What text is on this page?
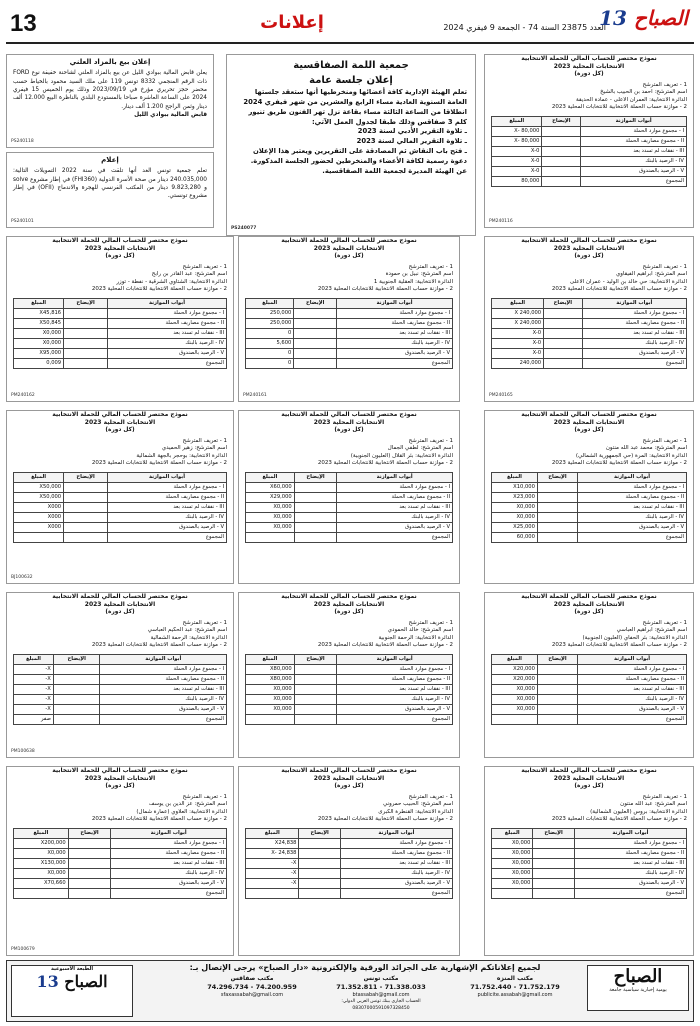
13	إعلانات	العدد 23875 السنة 74 - الجمعة 9 فيفري 2024	الصباح 13
نموذج مختصر للحساب المالي للحملة الانتخابية
الانتخابات المحلية 2023
(كل دورة)
1 - تعريف المترشح
اسم المترشح: احمد بن الحبيب بالشيخ
الدائرة الانتخابية: العمران الأعلى - عمادة الحديقة
2 - موازنة حساب الحملة الانتخابية للانتخابات المحلية 2023
أبواب الموازنة	الإيضاح	المبلغ
I - مجموع موارد الحملة		80,000 -X
II - مجموع مصاريف الحملة		80,000 -X
III - نفقات لم تسدد بعد		X-0
IV - الرصيد بالبنك		X-0
V - الرصيد بالصندوق		X-0
المجموع		80,000
PM240116
جمعية اللمة الصفاقسية
إعلان جلسة عامة
تعلم الهيئة الإدارية كافة أعضائها ومنخرطيها أنها ستعقد جلستها العامة السنوية العادية مساء الرابع والعشرين من شهر فيفري 2024 انطلاقا من الساعة الثالثة مساء بقاعة نزل تهر الفنون طريق تنيور كلم 3 صفاقس وذلك طبقا لجدول العمل الآتي:
ـ تلاوة التقرير الأدبي لسنة 2023
ـ تلاوة التقرير المالي لسنة 2023
ـ فتح باب النقاش ثم المصادقة على التقريرين ويعتبر هذا الإعلان دعوة رسمية لكافة الأعضاء والمنخرطين لحضور الجلسة المذكورة.
عن الهيئة المديرة لجمعية اللمة الصفاقسية.
PS240077
إعلان بيع بالمزاد العلني
يعلن قابض المالية ببوادي الليل عن بيع بالمزاد العلني لشاحنة خفيفة نوع FORD ذات الرقم المنجمي 8332 تونس 119 على ملك السيد محمود بالخياط حسب محضر حجز تحريري مؤرخ في 2023/09/19 وذلك يوم الخميس 15 فيفري 2024 على الساعة العاشرة صباحا بالمستودع البلدي بالناظرة البيع 12.000 ألف دينار وثمن الراجح 1.200 ألف دينار.
قابض المالية ببوادي الليل
PS240118
إعلام
تعلم جمعية تونس الغد أنها تلقت في سنة 2022 التمويلات التالية: 240.035,000 دينار من صحة الأسرة الدولية (FHI360) في إطار مشروع solve و 9.823,280 دينار من المكتب الفرنسي للهجرة والاندماج (OFII) في إطار مشروع تونستي.
PS240101
نموذج مختصر للحساب المالي للحملة الانتخابية
الانتخابات المحلية 2023
(كل دورة)
1 - تعريف المترشح
اسم المترشح: ابراهيم الفيقاوي
الدائرة الانتخابية: حي خالد بن الوليد - عمران الأعلى
2 - موازنة حساب الحملة الانتخابية للانتخابات المحلية 2023
أبواب الموازنة	الإيضاح	المبلغ
I - مجموع موارد الحملة		240,000 X
II - مجموع مصاريف الحملة		240,000 X
III - نفقات لم تسدد بعد		X-0
IV - الرصيد بالبنك		X-0
V - الرصيد بالصندوق		X-0
المجموع		240,000
PM240165
نموذج مختصر للحساب المالي للحملة الانتخابية
الانتخابات المحلية 2023
(كل دورة)
1 - تعريف المترشح
اسم المترشح: نبيل بن حمودة
الدائرة الانتخابية: العقلية الجنوبية 1
2 - موازنة حساب الحملة الانتخابية للانتخابات المحلية 2023
أبواب الموازنة	الإيضاح	المبلغ
I - مجموع موارد الحملة		250,000
II - مجموع مصاريف الحملة		250,000
III - نفقات لم تسدد بعد		0
IV - الرصيد بالبنك		5,600
V - الرصيد بالصندوق		0
المجموع		0
PM240161
نموذج مختصر للحساب المالي للحملة الانتخابية
الانتخابات المحلية 2023
(كل دورة)
1 - تعريف المترشح
اسم المترشح: عبد القادر بن رابح
الدائرة الانتخابية: الشتاوي الشرقية - نفطة - توزر
2 - موازنة حساب الحملة الانتخابية للانتخابات المحلية 2023
أبواب الموازنة	الإيضاح	المبلغ
I - مجموع موارد الحملة		X45,816
II - مجموع مصاريف الحملة		X50,845
III - نفقات لم تسدد بعد		X0,000
IV - الرصيد بالبنك		X0,000
V - الرصيد بالصندوق		X95,000
المجموع		0,009
PM240162
نموذج مختصر للحساب المالي للحملة الانتخابية
الانتخابات المحلية 2023
(كل دورة)
1 - تعريف المترشح
اسم المترشح: محمد عبد الله منتون
الدائرة الانتخابية: المرة (حي الجمهورية الشمالي)
2 - موازنة حساب الحملة الانتخابية للانتخابات المحلية 2023
أبواب الموازنة	الإيضاح	المبلغ
I - مجموع موارد الحملة		X10,000
II - مجموع مصاريف الحملة		X23,000
III - نفقات لم تسدد بعد		X0,000
IV - الرصيد بالبنك		X0,000
V - الرصيد بالصندوق		X25,000
المجموع		60,000
نموذج مختصر للحساب المالي للحملة الانتخابية
الانتخابات المحلية 2023
(كل دورة)
1 - تعريف المترشح
اسم المترشح: لطفي الجمال
الدائرة الانتخابية: بئر القلال (العليون الجنوبية)
2 - موازنة حساب الحملة الانتخابية للانتخابات المحلية 2023
أبواب الموازنة	الإيضاح	المبلغ
I - مجموع موارد الحملة		X60,000
II - مجموع مصاريف الحملة		X29,000
III - نفقات لم تسدد بعد		X0,000
IV - الرصيد بالبنك		X0,000
V - الرصيد بالصندوق		X0,000
المجموع		
نموذج مختصر للحساب المالي للحملة الانتخابية
الانتخابات المحلية 2023
(كل دورة)
1 - تعريف المترشح
اسم المترشح: زهير الحميدي
الدائرة الانتخابية: بوحجر بالجهة الشمالية
2 - موازنة حساب الحملة الانتخابية للانتخابات المحلية 2023
أبواب الموازنة	الإيضاح	المبلغ
I - مجموع موارد الحملة		X50,000
II - مجموع مصاريف الحملة		X50,000
III - نفقات لم تسدد بعد		X000
IV - الرصيد بالبنك		X000
V - الرصيد بالصندوق		X000
المجموع		
BJ100632
نموذج مختصر للحساب المالي للحملة الانتخابية
الانتخابات المحلية 2023
(كل دورة)
1 - تعريف المترشح
اسم المترشح: ابراهيم العباسي
الدائرة الانتخابية: بئر الحفاي (العليون الجنوبية)
2 - موازنة حساب الحملة الانتخابية للانتخابات المحلية 2023
أبواب الموازنة	الإيضاح	المبلغ
I - مجموع موارد الحملة		X20,000
II - مجموع مصاريف الحملة		X20,000
III - نفقات لم تسدد بعد		X0,000
IV - الرصيد بالبنك		X0,000
V - الرصيد بالصندوق		X0,000
المجموع		
نموذج مختصر للحساب المالي للحملة الانتخابية
الانتخابات المحلية 2023
(كل دورة)
1 - تعريف المترشح
اسم المترشح: خالد الحمودي
الدائرة الانتخابية: الرحمة الجنوبية
2 - موازنة حساب الحملة الانتخابية للانتخابات المحلية 2023
أبواب الموازنة	الإيضاح	المبلغ
I - مجموع موارد الحملة		X80,000
II - مجموع مصاريف الحملة		X80,000
III - نفقات لم تسدد بعد		X0,000
IV - الرصيد بالبنك		X0,000
V - الرصيد بالصندوق		X0,000
المجموع		
نموذج مختصر للحساب المالي للحملة الانتخابية
الانتخابات المحلية 2023
(كل دورة)
1 - تعريف المترشح
اسم المترشح: عبد الحكيم العباسي
الدائرة الانتخابية: الرحمة الشمالية
2 - موازنة حساب الحملة الانتخابية للانتخابات المحلية 2023
أبواب الموازنة	الإيضاح	المبلغ
I - مجموع موارد الحملة		X-
II - مجموع مصاريف الحملة		X-
III - نفقات لم تسدد بعد		X-
IV - الرصيد بالبنك		X-
V - الرصيد بالصندوق		X-
المجموع		صفر
PM100638
نموذج مختصر للحساب المالي للحملة الانتخابية
الانتخابات المحلية 2023
(كل دورة)
1 - تعريف المترشح
اسم المترشح: عبد الله منتون
الدائرة الانتخابية: بروس (العليون الشمالية)
2 - موازنة حساب الحملة الانتخابية للانتخابات المحلية 2023
أبواب الموازنة	الإيضاح	المبلغ
I - مجموع موارد الحملة		X0,000
II - مجموع مصاريف الحملة		X0,000
III - نفقات لم تسدد بعد		X0,000
IV - الرصيد بالبنك		X0,000
V - الرصيد بالصندوق		X0,000
المجموع		
نموذج مختصر للحساب المالي للحملة الانتخابية
الانتخابات المحلية 2023
(كل دورة)
1 - تعريف المترشح
اسم المترشح: الحبيب حمروني
الدائرة الانتخابية: القنطرة الكبرى
2 - موازنة حساب الحملة الانتخابية للانتخابات المحلية 2023
أبواب الموازنة	الإيضاح	المبلغ
I - مجموع موارد الحملة		X24,838
II - مجموع مصاريف الحملة		24,838 -X
III - نفقات لم تسدد بعد		X-
IV - الرصيد بالبنك		X-
V - الرصيد بالصندوق		X-
المجموع		
نموذج مختصر للحساب المالي للحملة الانتخابية
الانتخابات المحلية 2023
(كل دورة)
1 - تعريف المترشح
اسم المترشح: عز الدين بن يوسف
الدائرة الانتخابية: العلاوي (عمارة شمال)
2 - موازنة حساب الحملة الانتخابية للانتخابات المحلية 2023
أبواب الموازنة	الإيضاح	المبلغ
I - مجموع موارد الحملة		X200,000
II - مجموع مصاريف الحملة		X0,000
III - نفقات لم تسدد بعد		X130,000
IV - الرصيد بالبنك		X0,000
V - الرصيد بالصندوق		X70,660
المجموع		
PM100679
لجميع إعلاناتكم الإشهارية على الجرائد الورقية والإلكترونية «دار الصباح» يرجى الإتصال بـ:	الصباح
يومية إخبارية سياسية جامعة
مكتب المنزه
71.752.179 - 71.752.440
publicite.assabah@gmail.com
مكتب تونس
71.338.033 - 71.352.811
btassabah@gmail.com
الحساب الجاري ببنك تونس العربي الدولي: 08307000591097328450
مكتب صفاقس
74.200.959 - 74.296.734
sfaxassabah@gmail.com
الطبعة الأسبوعية
الصباح 13
